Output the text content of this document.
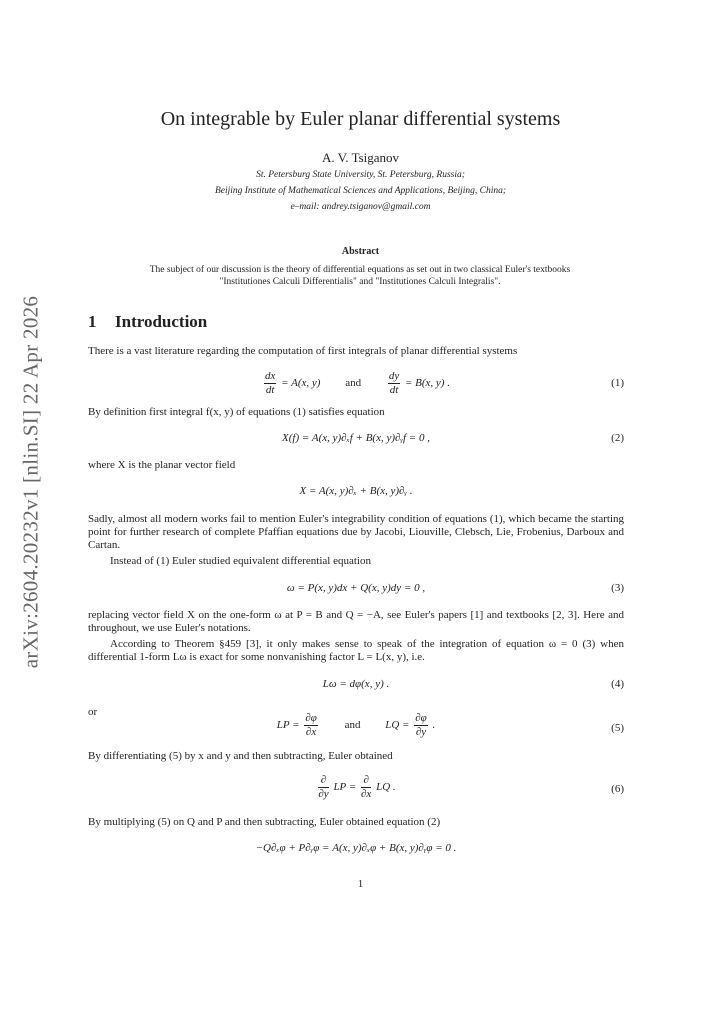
arXiv:2604.20232v1 [nlin.SI] 22 Apr 2026
On integrable by Euler planar differential systems
A. V. Tsiganov
St. Petersburg State University, St. Petersburg, Russia;
Beijing Institute of Mathematical Sciences and Applications, Beijing, China;
e–mail: andrey.tsiganov@gmail.com
Abstract
The subject of our discussion is the theory of differential equations as set out in two classical Euler's textbooks "Institutiones Calculi Differentialis" and "Institutiones Calculi Integralis".
1 Introduction
There is a vast literature regarding the computation of first integrals of planar differential systems
$\frac{dx}{dt} = A(x$, y) and $\frac{dy}{dt} = B(x$, y) .	(1)
By definition first integral f(x, y) of equations (1) satisfies equation
X(f) = A(x, y)∂ₓf + B(x, y)∂ᵧf = 0 ,	(2)
where X is the planar vector field
X = A(x, y)∂ₓ + B(x, y)∂ᵧ .
Sadly, almost all modern works fail to mention Euler's integrability condition of equations (1), which became the starting point for further research of complete Pfaffian equations due by Jacobi, Liouville, Clebsch, Lie, Frobenius, Darboux and Cartan.
Instead of (1) Euler studied equivalent differential equation
ω = P(x, y)dx + Q(x, y)dy = 0 ,	(3)
replacing vector field X on the one-form ω at P = B and Q = −A, see Euler's papers [1] and textbooks [2, 3]. Here and throughout, we use Euler's notations.
According to Theorem §459 [3], it only makes sense to speak of the integration of equation ω = 0 (3) when differential 1-form Lω is exact for some nonvanishing factor L = L(x, y), i.e.
Lω = dφ(x, y) .	(4)
or
LP = $\frac{\partial\varphi}{\partial x}$ and LQ = $\frac{\partial\varphi}{\partial y}$ .	(5)
By differentiating (5) by x and y and then subtracting, Euler obtained
$\frac{\partial}{\partial y}$ LP = $\frac{\partial}{\partial x}$ LQ .	(6)
By multiplying (5) on Q and P and then subtracting, Euler obtained equation (2)
−Q∂ₓφ + P∂ᵧφ = A(x, y)∂ₓφ + B(x, y)∂ᵧφ = 0 .
1
